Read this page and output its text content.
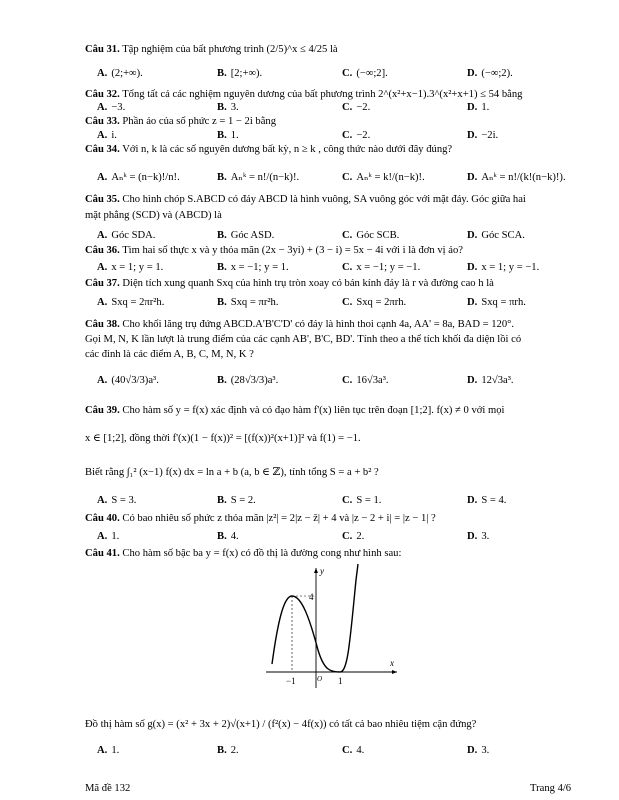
Câu 31. Tập nghiệm của bất phương trình (2/5)^x ≤ 4/25 là
A. (2;+∞).	B. [2;+∞).	C. (−∞;2].	D. (−∞;2).
Câu 32. Tổng tất cả các nghiệm nguyên dương của bất phương trình 2^(x²+x−1).3^(x²+x+1) ≤ 54 bằng
A. −3.	B. 3.	C. −2.	D. 1.
Câu 33. Phần ảo của số phức z = 1 − 2i bằng
A. i.	B. 1.	C. −2.	D. −2i.
Câu 34. Với n, k là các số nguyên dương bất kỳ, n ≥ k , công thức nào dưới đây đúng?
A. Aₙᵏ = (n−k)!/n!.	B. Aₙᵏ = n!/(n−k)!.	C. Aₙᵏ = k!/(n−k)!.	D. Aₙᵏ = n!/(k!(n−k)!).
Câu 35. Cho hình chóp S.ABCD có đáy ABCD là hình vuông, SA vuông góc với mặt đáy. Góc giữa hai
mặt phẳng (SCD) và (ABCD) là
A. Góc SDA.	B. Góc ASD.	C. Góc SCB.	D. Góc SCA.
Câu 36. Tìm hai số thực x và y thỏa mãn (2x − 3yi) + (3 − i) = 5x − 4i với i là đơn vị ảo?
A. x = 1; y = 1.	B. x = −1; y = 1.	C. x = −1; y = −1.	D. x = 1; y = −1.
Câu 37. Diện tích xung quanh Sxq của hình trụ tròn xoay có bán kính đáy là r và đường cao h là
A. Sxq = 2πr²h.	B. Sxq = πr²h.	C. Sxq = 2πrh.	D. Sxq = πrh.
Câu 38. Cho khối lăng trụ đứng ABCD.A'B'C'D' có đáy là hình thoi cạnh 4a, AA' = 8a, BAD = 120°.
Gọi M, N, K lần lượt là trung điểm của các cạnh AB', B'C, BD'. Tính theo a thể tích khối đa diện lồi có
các đỉnh là các điểm A, B, C, M, N, K ?
A. (40√3/3)a³.	B. (28√3/3)a³.	C. 16√3a³.	D. 12√3a³.
Câu 39. Cho hàm số y = f(x) xác định và có đạo hàm f'(x) liên tục trên đoạn [1;2]. f(x) ≠ 0 với mọi
x ∈ [1;2], đồng thời f'(x)(1 − f(x))² = [(f(x))²(x+1)]² và f(1) = −1.
Biết rằng ∫₁² (x−1) f(x) dx = ln a + b (a, b ∈ ℤ), tính tổng S = a + b² ?
A. S = 3.	B. S = 2.	C. S = 1.	D. S = 4.
Câu 40. Có bao nhiêu số phức z thỏa mãn |z²| = 2|z − z̄| + 4 và |z − 2 + i| = |z − 1| ?
A. 1.	B. 4.	C. 2.	D. 3.
Câu 41. Cho hàm số bậc ba y = f(x) có đồ thị là đường cong như hình sau:
y
x
4
−1	O 1
Đồ thị hàm số g(x) = (x² + 3x + 2)√(x+1) / (f²(x) − 4f(x)) có tất cả bao nhiêu tiệm cận đứng?
A. 1.	B. 2.	C. 4.	D. 3.
Mã đề 132	Trang 4/6
